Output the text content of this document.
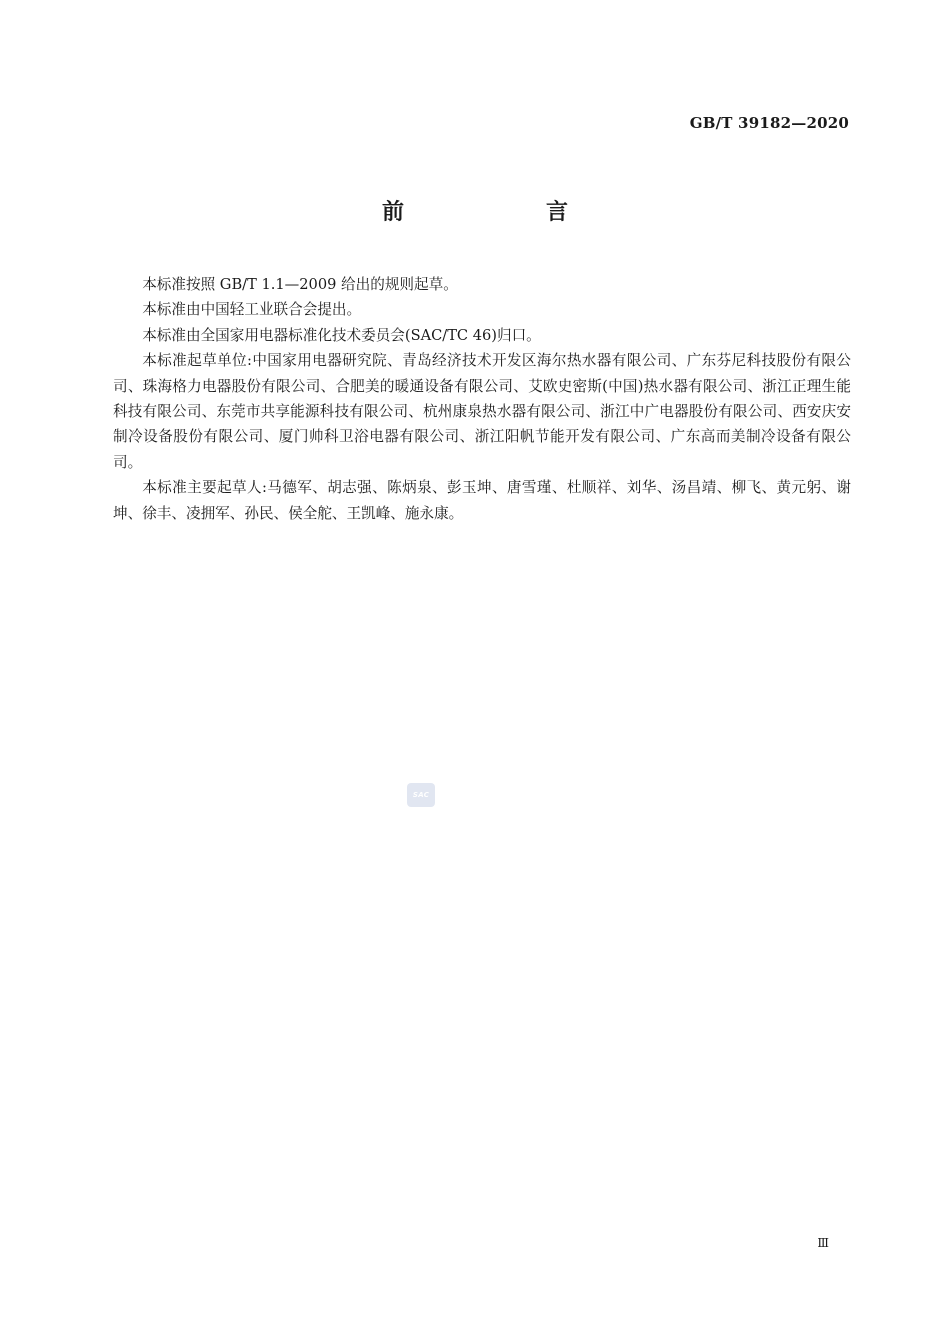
GB/T 39182—2020
前　言

本标准按照 GB/T 1.1—2009 给出的规则起草。

本标准由中国轻工业联合会提出。

本标准由全国家用电器标准化技术委员会(SAC/TC 46)归口。

本标准起草单位:中国家用电器研究院、青岛经济技术开发区海尔热水器有限公司、广东芬尼科技股份有限公司、珠海格力电器股份有限公司、合肥美的暖通设备有限公司、艾欧史密斯(中国)热水器有限公司、浙江正理生能科技有限公司、东莞市共享能源科技有限公司、杭州康泉热水器有限公司、浙江中广电器股份有限公司、西安庆安制冷设备股份有限公司、厦门帅科卫浴电器有限公司、浙江阳帆节能开发有限公司、广东高而美制冷设备有限公司。

本标准主要起草人:马德军、胡志强、陈炳泉、彭玉坤、唐雪瑾、杜顺祥、刘华、汤昌靖、柳飞、黄元躬、谢坤、徐丰、凌拥军、孙民、侯全舵、王凯峰、施永康。

SAC
Ⅲ
